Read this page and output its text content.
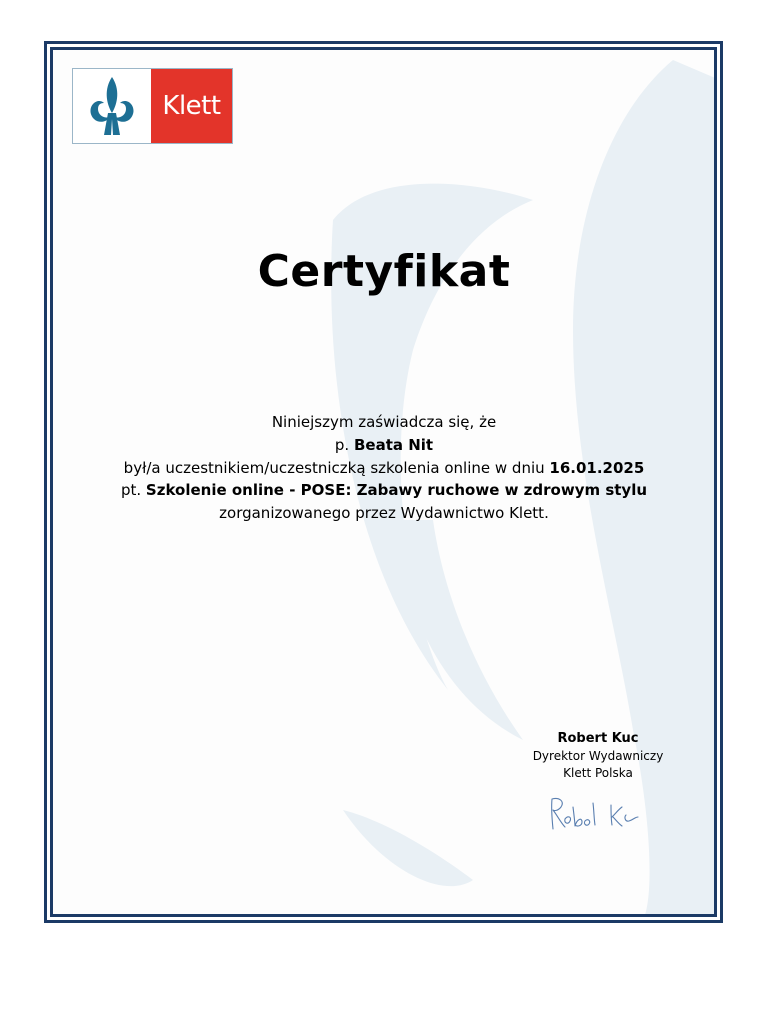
Klett
Certyfikat
Niniejszym zaświadcza się, że
p. Beata Nit
był/a uczestnikiem/uczestniczką szkolenia online w dniu 16.01.2025
pt. Szkolenie online - POSE: Zabawy ruchowe w zdrowym stylu
zorganizowanego przez Wydawnictwo Klett.
Robert Kuc
Dyrektor Wydawniczy
Klett Polska
